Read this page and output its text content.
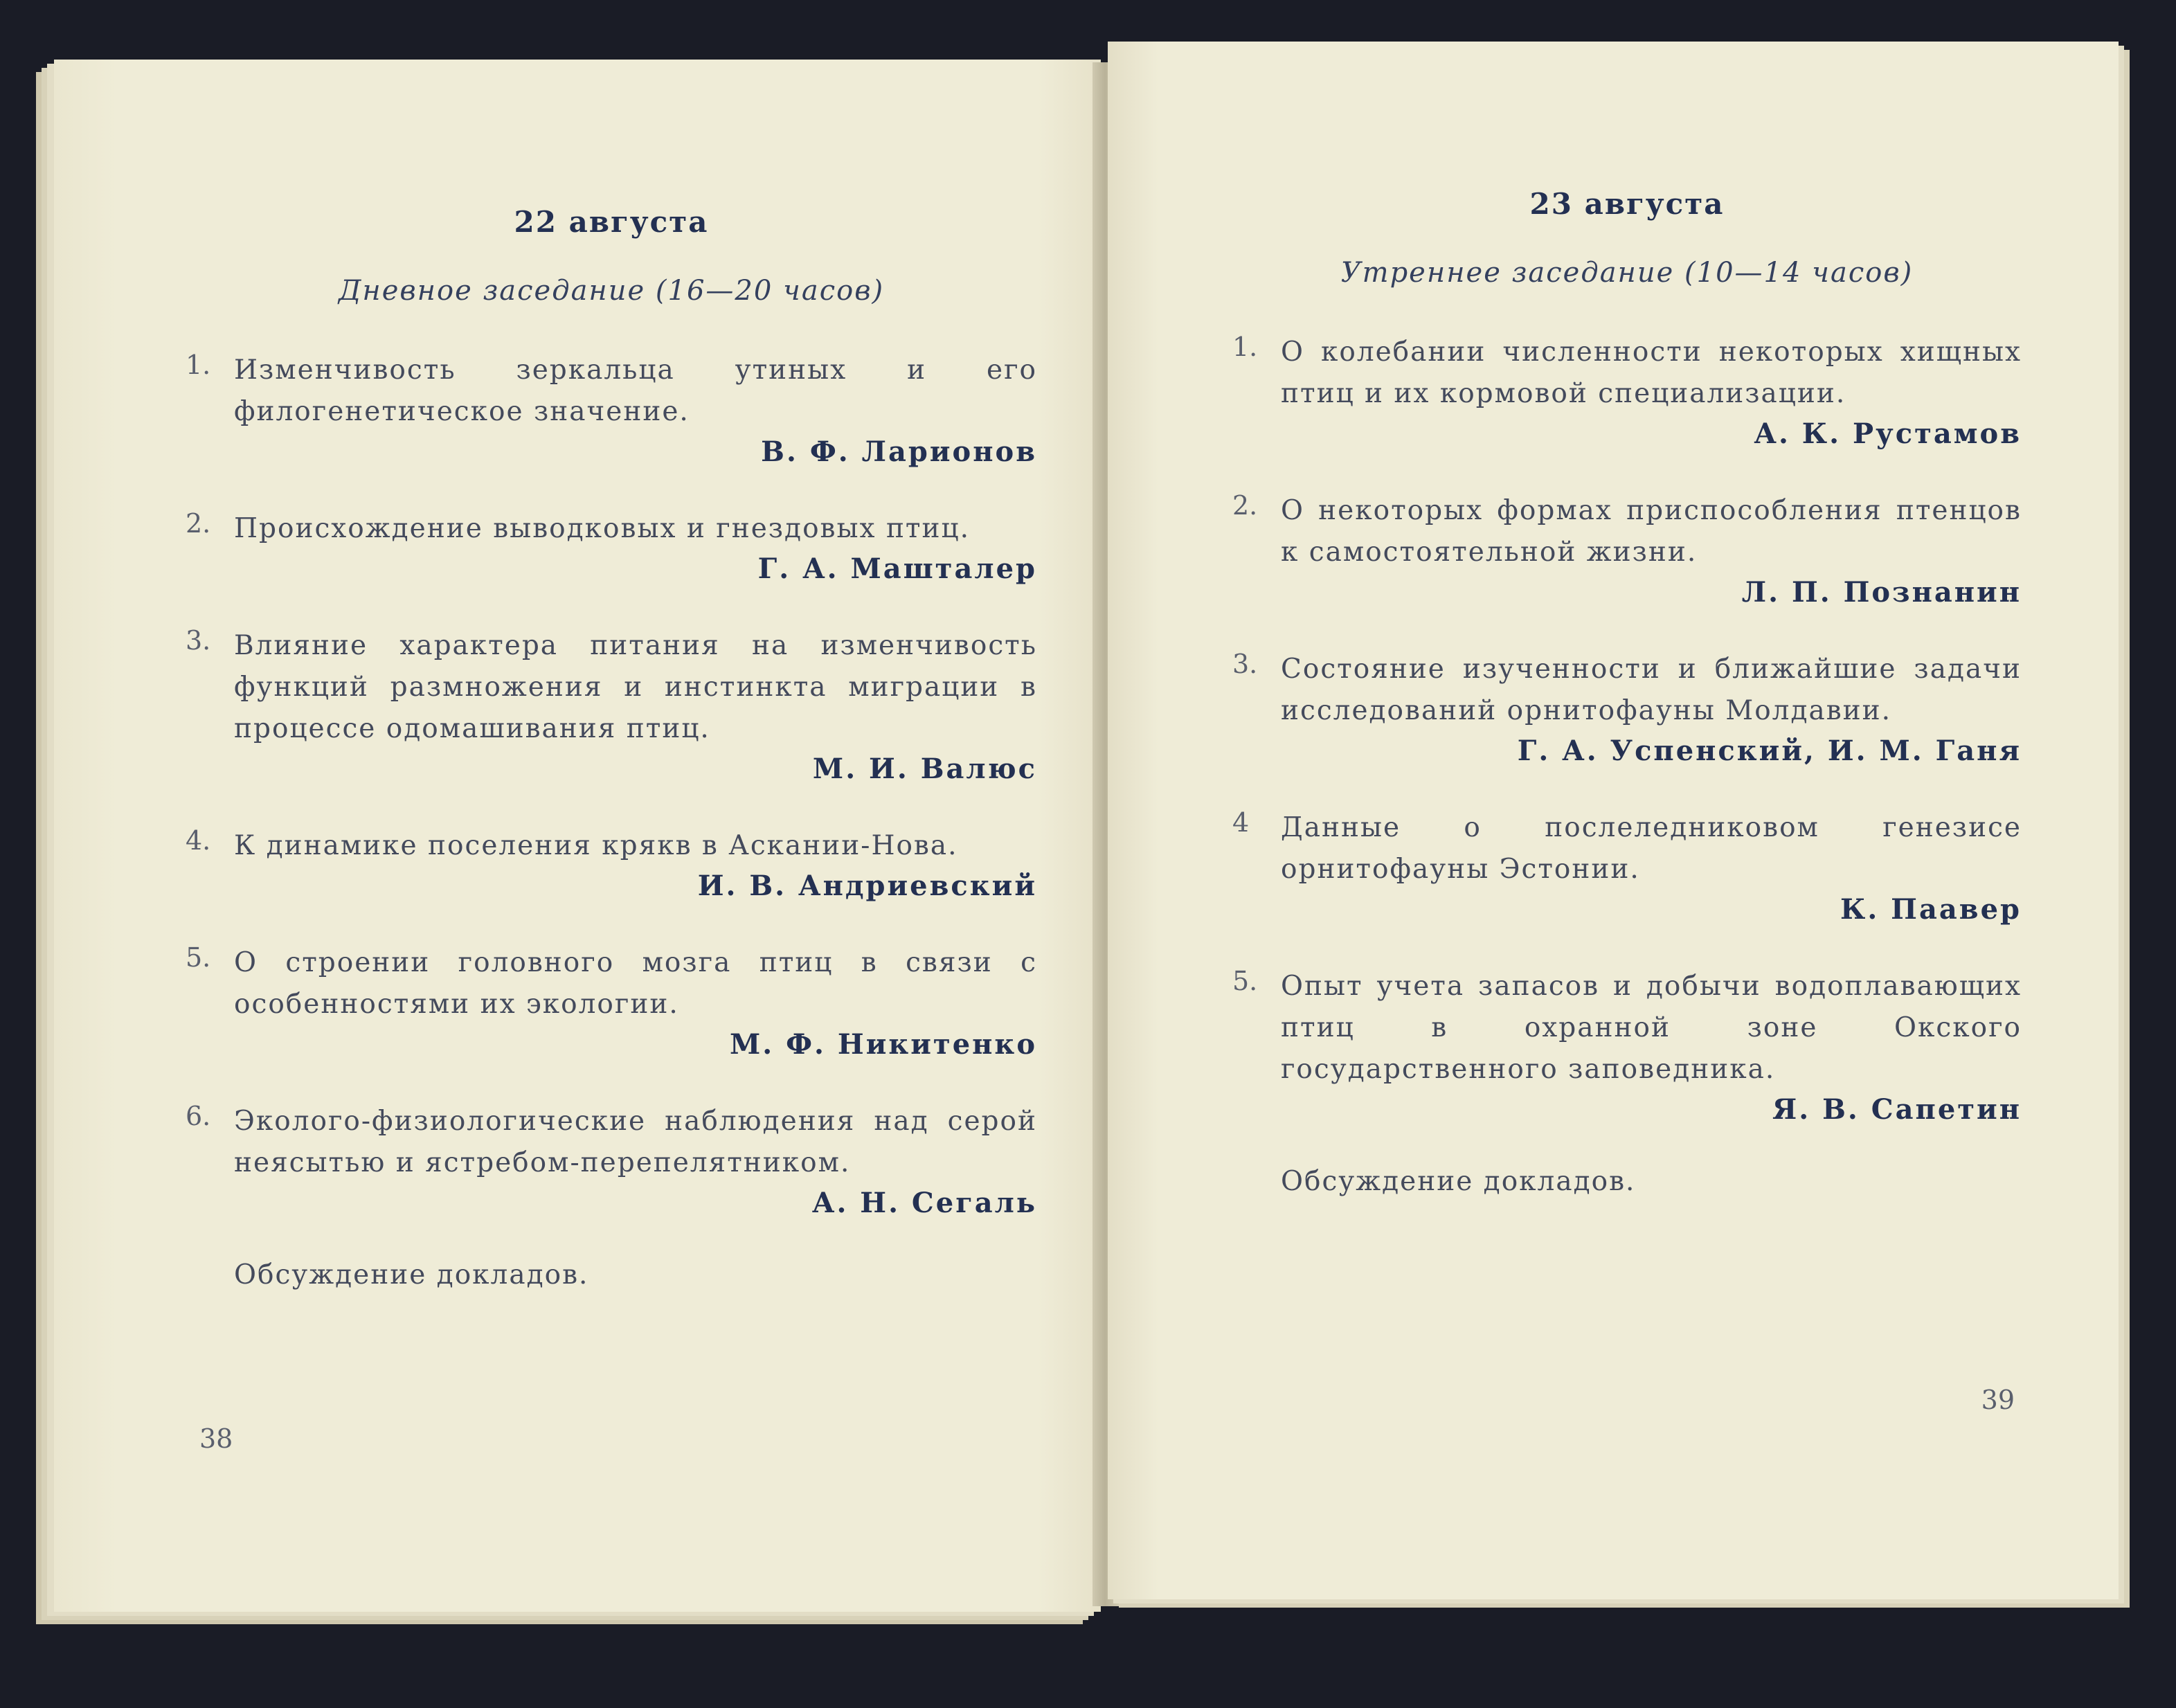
22 августа
Дневное заседание (16—20 часов)
1. Изменчивость зеркальца утиных и его филогенетическое значение.
В. Ф. Ларионов
2. Происхождение выводковых и гнездовых птиц.
Г. А. Машталер
3. Влияние характера питания на изменчивость функций размножения и инстинкта миграции в процессе одомашивания птиц.
М. И. Валюс
4. К динамике поселения крякв в Аскании-Нова.
И. В. Андриевский
5. О строении головного мозга птиц в связи с особенностями их экологии.
М. Ф. Никитенко
6. Эколого-физиологические наблюдения над серой неясытью и ястребом-перепелятником.
А. Н. Сегаль
Обсуждение докладов.
38
23 августа
Утреннее заседание (10—14 часов)
1. О колебании численности некоторых хищных птиц и их кормовой специализации.
А. К. Рустамов
2. О некоторых формах приспособления птенцов к самостоятельной жизни.
Л. П. Познанин
3. Состояние изученности и ближайшие задачи исследований орнитофауны Молдавии.
Г. А. Успенский, И. М. Ганя
4 Данные о послеледниковом генезисе орнитофауны Эстонии.
К. Паавер
5. Опыт учета запасов и добычи водоплавающих птиц в охранной зоне Окского государственного заповедника.
Я. В. Сапетин
Обсуждение докладов.
39
